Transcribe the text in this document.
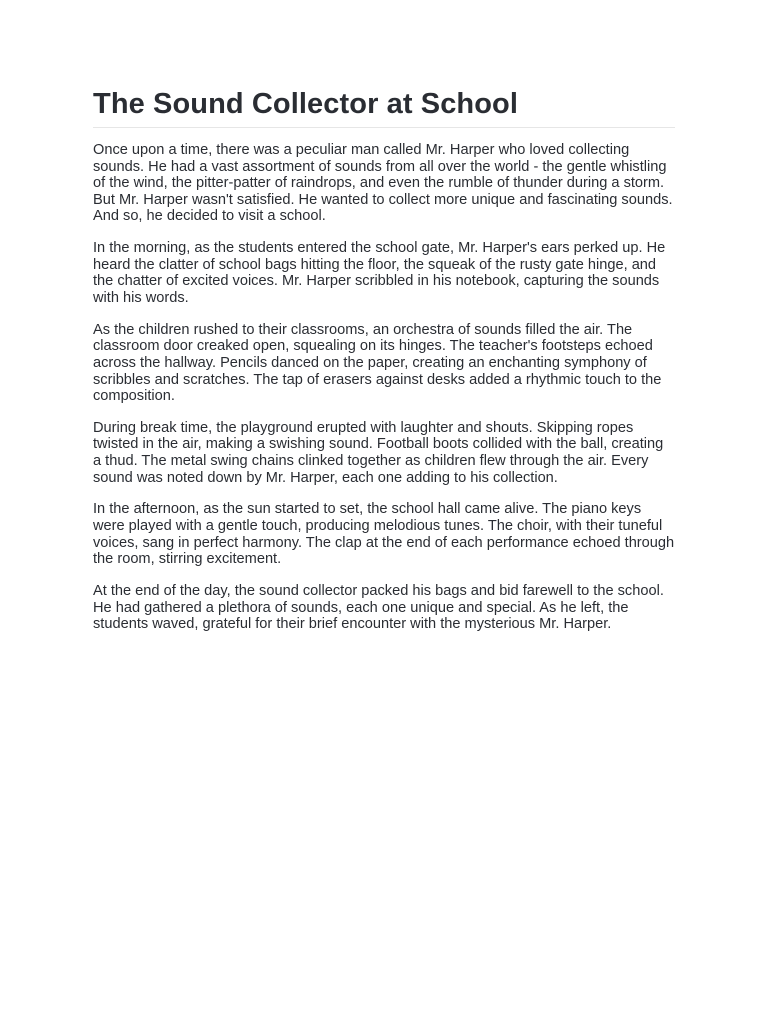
The Sound Collector at School

Once upon a time, there was a peculiar man called Mr. Harper who loved collecting sounds. He had a vast assortment of sounds from all over the world - the gentle whistling of the wind, the pitter-patter of raindrops, and even the rumble of thunder during a storm. But Mr. Harper wasn't satisfied. He wanted to collect more unique and fascinating sounds. And so, he decided to visit a school.

In the morning, as the students entered the school gate, Mr. Harper's ears perked up. He heard the clatter of school bags hitting the floor, the squeak of the rusty gate hinge, and the chatter of excited voices. Mr. Harper scribbled in his notebook, capturing the sounds with his words.

As the children rushed to their classrooms, an orchestra of sounds filled the air. The classroom door creaked open, squealing on its hinges. The teacher's footsteps echoed across the hallway. Pencils danced on the paper, creating an enchanting symphony of scribbles and scratches. The tap of erasers against desks added a rhythmic touch to the composition.

During break time, the playground erupted with laughter and shouts. Skipping ropes twisted in the air, making a swishing sound. Football boots collided with the ball, creating a thud. The metal swing chains clinked together as children flew through the air. Every sound was noted down by Mr. Harper, each one adding to his collection.

In the afternoon, as the sun started to set, the school hall came alive. The piano keys were played with a gentle touch, producing melodious tunes. The choir, with their tuneful voices, sang in perfect harmony. The clap at the end of each performance echoed through the room, stirring excitement.

At the end of the day, the sound collector packed his bags and bid farewell to the school. He had gathered a plethora of sounds, each one unique and special. As he left, the students waved, grateful for their brief encounter with the mysterious Mr. Harper.
